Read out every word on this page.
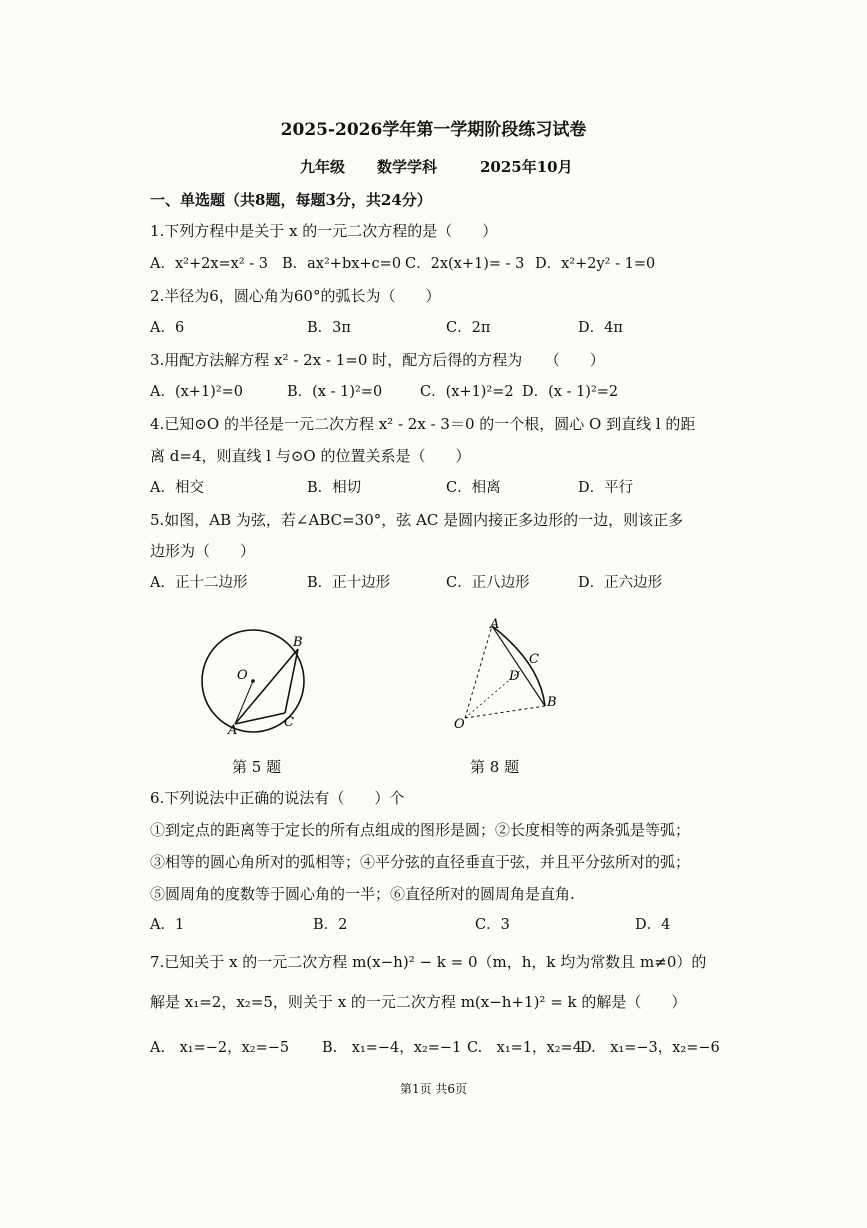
2025-2026学年第一学期阶段练习试卷
九年级 数学学科	2025年10月
一、单选题（共8题，每题3分，共24分）
1.下列方程中是关于 x 的一元二次方程的是（　　）
A．x²+2x=x² - 3 B．ax²+bx+c=0 C．2x(x+1)= - 3 D．x²+2y² - 1=0
2.半径为6，圆心角为60°的弧长为（　　）
A．6	B．3π	C．2π	D．4π
3.用配方法解方程 x² - 2x - 1=0 时，配方后得的方程为　　（　　）
A．(x+1)²=0	B．(x - 1)²=0	C．(x+1)²=2 D．(x - 1)²=2
4.已知⊙O 的半径是一元二次方程 x² - 2x - 3＝0 的一个根，圆心 O 到直线 l 的距
离 d=4，则直线 l 与⊙O 的位置关系是（　　）
A．相交	B．相切	C．相离	D．平行
5.如图，AB 为弦，若∠ABC=30°，弦 AC 是圆内接正多边形的一边，则该正多
边形为（　　）
A．正十二边形	B．正十边形	C．正八边形	D．正六边形
B
O
A
C
第 5 题
A
C
D
B
O
第 8 题
6.下列说法中正确的说法有（　　）个
①到定点的距离等于定长的所有点组成的图形是圆；②长度相等的两条弧是等弧；
③相等的圆心角所对的弧相等；④平分弦的直径垂直于弦，并且平分弦所对的弧；
⑤圆周角的度数等于圆心角的一半；⑥直径所对的圆周角是直角.
A．1	B．2	C．3	D．4
7.已知关于 x 的一元二次方程 m(x−h)² − k = 0（m，h，k 均为常数且 m≠0）的
解是 x₁=2，x₂=5，则关于 x 的一元二次方程 m(x−h+1)² = k 的解是（　　）
A.　x₁=−2，x₂=−5 B.　x₁=−4，x₂=−1 C.　x₁=1，x₂=4
D.　x₁=−3，x₂=−6
第1页 共6页
